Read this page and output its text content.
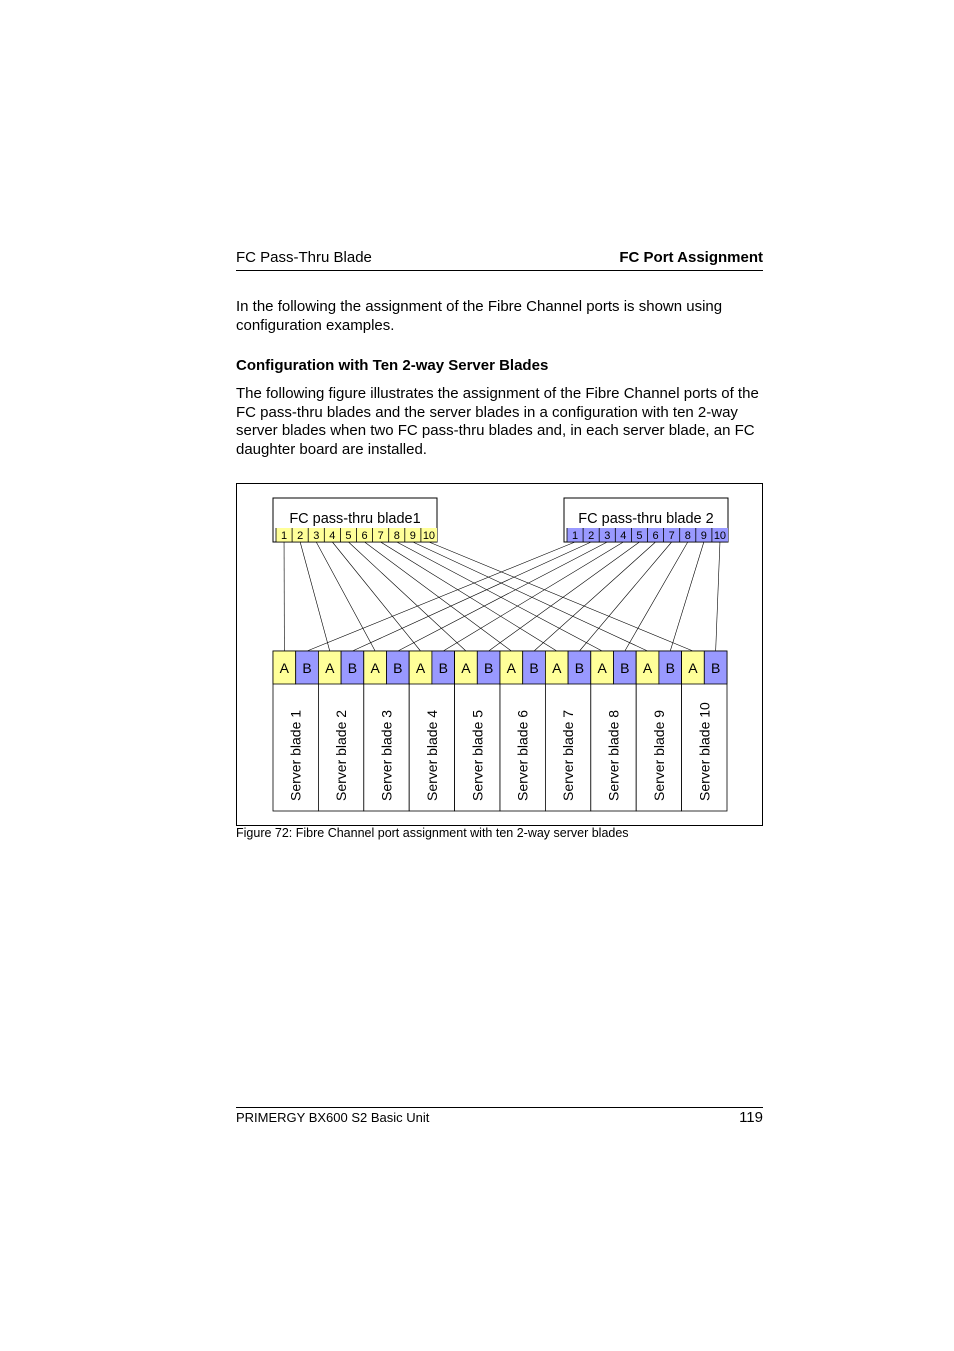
FC Pass-Thru Blade	FC Port Assignment
In the following the assignment of the Fibre Channel ports is shown using configuration examples.
Configuration with Ten 2-way Server Blades
The following figure illustrates the assignment of the Fibre Channel ports of the FC pass-thru blades and the server blades in a configuration with ten 2-way server blades when two FC pass-thru blades and, in each server blade, an FC daughter board are installed.
FC pass-thru blade1
1 2 3 4 5 6 7 8 9 10
FC pass-thru blade 2
1 2 3 4 5 6 7 8 9 10
A B
Server blade 1
A B
Server blade 2
A B
Server blade 3
A B
Server blade 4
A B
Server blade 5
A B
Server blade 6
A B
Server blade 7
A B
Server blade 8
A B
Server blade 9
A B
Server blade 10
Figure 72: Fibre Channel port assignment with ten 2-way server blades
PRIMERGY BX600 S2 Basic Unit	119
